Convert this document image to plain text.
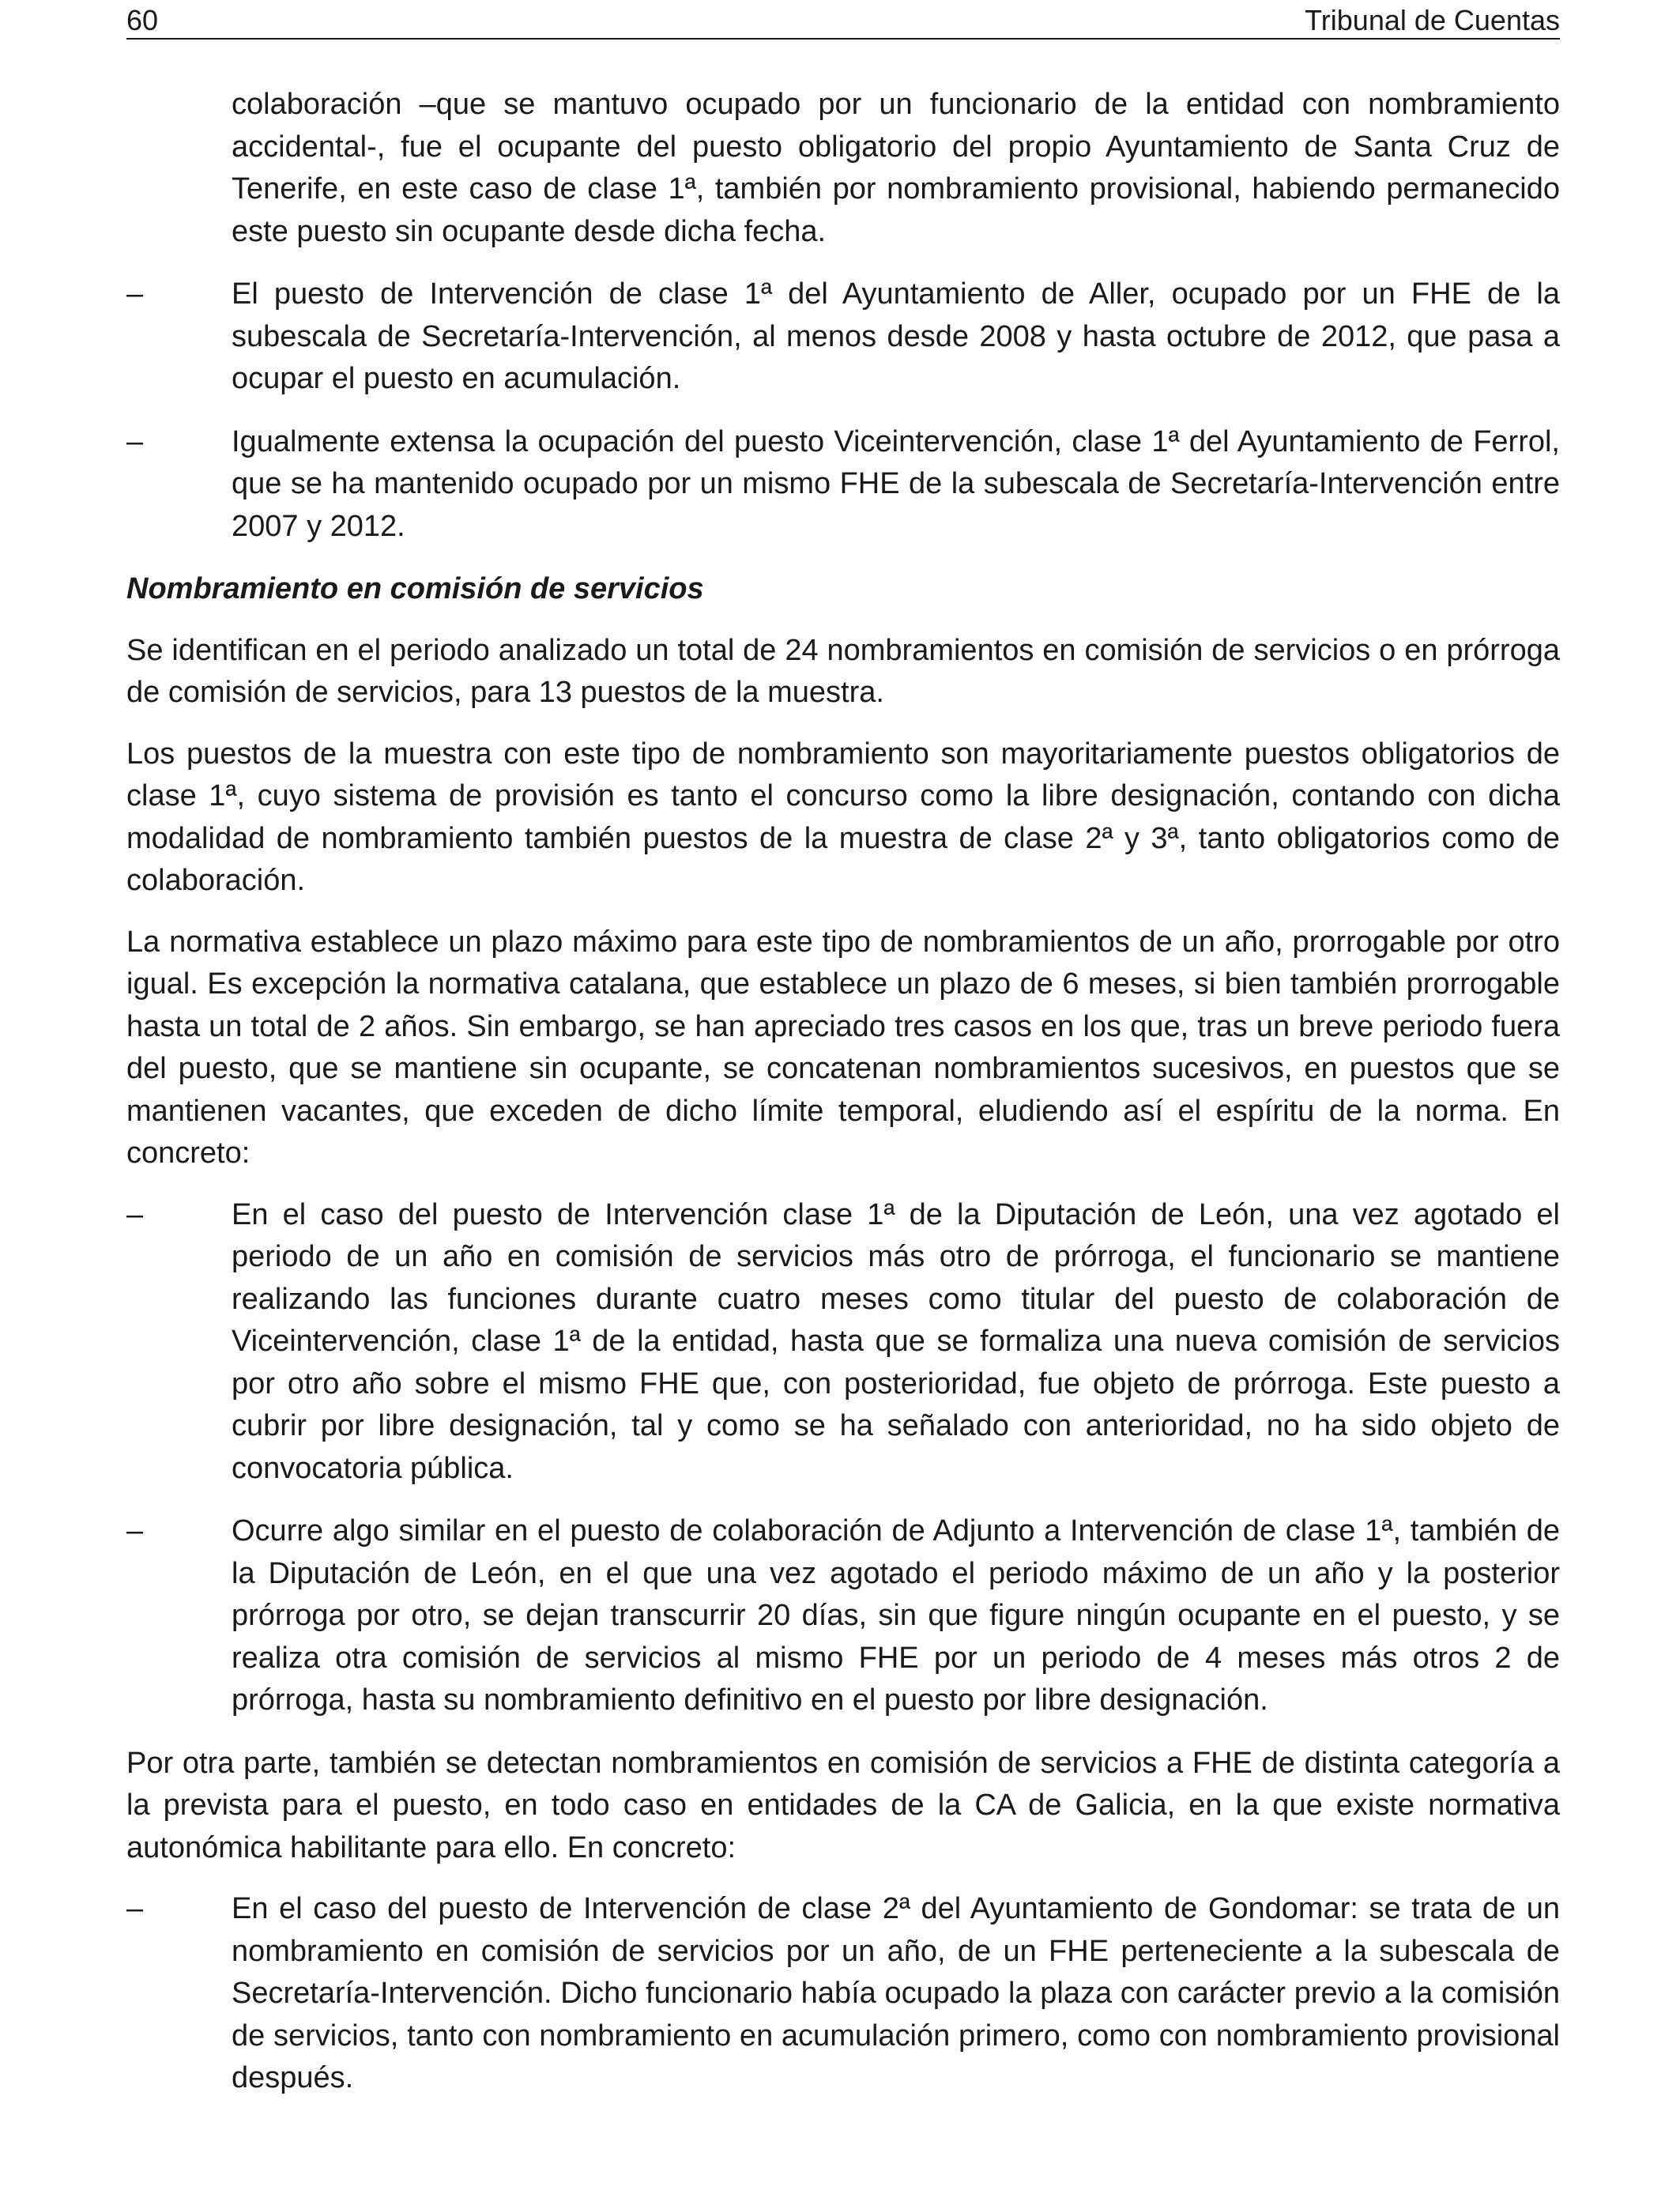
60	Tribunal de Cuentas

colaboración –que se mantuvo ocupado por un funcionario de la entidad con nombramiento accidental-, fue el ocupante del puesto obligatorio del propio Ayuntamiento de Santa Cruz de Tenerife, en este caso de clase 1ª, también por nombramiento provisional, habiendo permanecido este puesto sin ocupante desde dicha fecha.

–	El puesto de Intervención de clase 1ª del Ayuntamiento de Aller, ocupado por un FHE de la subescala de Secretaría-Intervención, al menos desde 2008 y hasta octubre de 2012, que pasa a ocupar el puesto en acumulación.

–	Igualmente extensa la ocupación del puesto Viceintervención, clase 1ª del Ayuntamiento de Ferrol, que se ha mantenido ocupado por un mismo FHE de la subescala de Secretaría-Intervención entre 2007 y 2012.

Nombramiento en comisión de servicios

Se identifican en el periodo analizado un total de 24 nombramientos en comisión de servicios o en prórroga de comisión de servicios, para 13 puestos de la muestra.

Los puestos de la muestra con este tipo de nombramiento son mayoritariamente puestos obligatorios de clase 1ª, cuyo sistema de provisión es tanto el concurso como la libre designación, contando con dicha modalidad de nombramiento también puestos de la muestra de clase 2ª y 3ª, tanto obligatorios como de colaboración.

La normativa establece un plazo máximo para este tipo de nombramientos de un año, prorrogable por otro igual. Es excepción la normativa catalana, que establece un plazo de 6 meses, si bien también prorrogable hasta un total de 2 años. Sin embargo, se han apreciado tres casos en los que, tras un breve periodo fuera del puesto, que se mantiene sin ocupante, se concatenan nombramientos sucesivos, en puestos que se mantienen vacantes, que exceden de dicho límite temporal, eludiendo así el espíritu de la norma. En concreto:

–	En el caso del puesto de Intervención clase 1ª de la Diputación de León, una vez agotado el periodo de un año en comisión de servicios más otro de prórroga, el funcionario se mantiene realizando las funciones durante cuatro meses como titular del puesto de colaboración de Viceintervención, clase 1ª de la entidad, hasta que se formaliza una nueva comisión de servicios por otro año sobre el mismo FHE que, con posterioridad, fue objeto de prórroga. Este puesto a cubrir por libre designación, tal y como se ha señalado con anterioridad, no ha sido objeto de convocatoria pública.

–	Ocurre algo similar en el puesto de colaboración de Adjunto a Intervención de clase 1ª, también de la Diputación de León, en el que una vez agotado el periodo máximo de un año y la posterior prórroga por otro, se dejan transcurrir 20 días, sin que figure ningún ocupante en el puesto, y se realiza otra comisión de servicios al mismo FHE por un periodo de 4 meses más otros 2 de prórroga, hasta su nombramiento definitivo en el puesto por libre designación.

Por otra parte, también se detectan nombramientos en comisión de servicios a FHE de distinta categoría a la prevista para el puesto, en todo caso en entidades de la CA de Galicia, en la que existe normativa autonómica habilitante para ello. En concreto:

–	En el caso del puesto de Intervención de clase 2ª del Ayuntamiento de Gondomar: se trata de un nombramiento en comisión de servicios por un año, de un FHE perteneciente a la subescala de Secretaría-Intervención. Dicho funcionario había ocupado la plaza con carácter previo a la comisión de servicios, tanto con nombramiento en acumulación primero, como con nombramiento provisional después.
